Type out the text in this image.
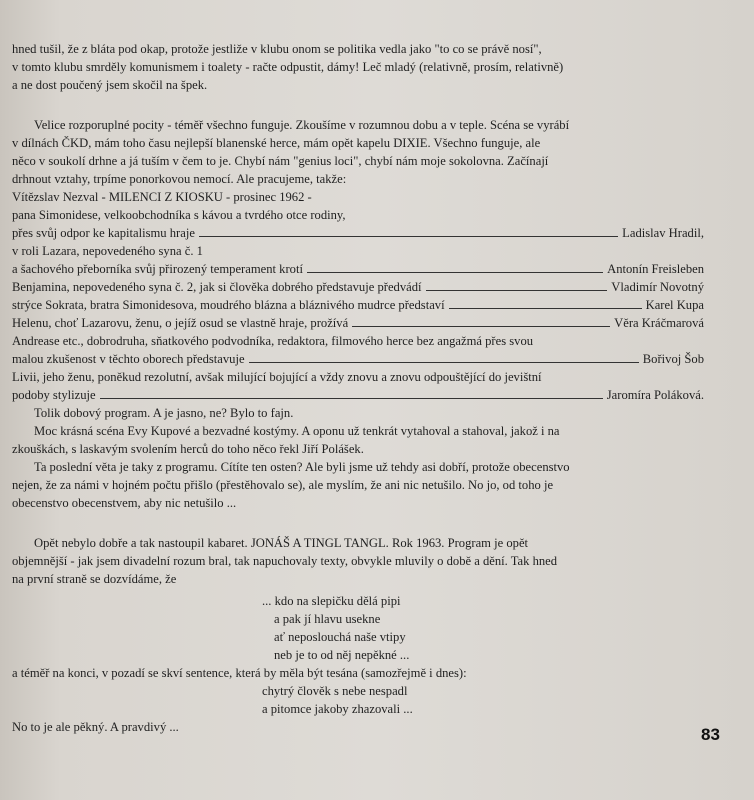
hned tušil, že z bláta pod okap, protože jestliže v klubu onom se politika vedla jako "to co se právě nosí",
v tomto klubu smrděly komunismem i toalety - račte odpustit, dámy! Leč mladý (relativně, prosím, relativně)
a ne dost poučený jsem skočil na špek.
Velice rozporuplné pocity - téměř všechno funguje. Zkoušíme v rozumnou dobu a v teple. Scéna se vyrábí
v dílnách ČKD, mám toho času nejlepší blanenské herce, mám opět kapelu DIXIE. Všechno funguje, ale
něco v soukolí drhne a já tuším v čem to je. Chybí nám "genius loci", chybí nám moje sokolovna. Začínají
drhnout vztahy, trpíme ponorkovou nemocí. Ale pracujeme, takže:
Vítězslav Nezval - MILENCI Z KIOSKU - prosinec 1962 -
pana Simonidese, velkoobchodníka s kávou a tvrdého otce rodiny,
přes svůj odpor ke kapitalismu hraje	Ladislav Hradil,
v roli Lazara, nepovedeného syna č. 1
a šachového přeborníka svůj přirozený temperament krotí	Antonín Freisleben
Benjamina, nepovedeného syna č. 2, jak si člověka dobrého představuje předvádí	Vladimír Novotný
strýce Sokrata, bratra Simonidesova, moudrého blázna a bláznivého mudrce představí	Karel Kupa
Helenu, choť Lazarovu, ženu, o jejíž osud se vlastně hraje, prožívá	Věra Kráčmarová
Andrease etc., dobrodruha, sňatkového podvodníka, redaktora, filmového herce bez angažmá přes svou
malou zkušenost v těchto oborech představuje	Bořivoj Šob
Livii, jeho ženu, poněkud rezolutní, avšak milující bojující a vždy znovu a znovu odpouštějící do jevištní
podoby stylizuje	Jaromíra Poláková.
Tolik dobový program. A je jasno, ne? Bylo to fajn.
Moc krásná scéna Evy Kupové a bezvadné kostýmy. A oponu už tenkrát vytahoval a stahoval, jakož i na
zkouškách, s laskavým svolením herců do toho něco řekl Jiří Polášek.
Ta poslední věta je taky z programu. Cítíte ten osten? Ale byli jsme už tehdy asi dobří, protože obecenstvo
nejen, že za námi v hojném počtu přišlo (přestěhovalo se), ale myslím, že ani nic netušilo. No jo, od toho je
obecenstvo obecenstvem, aby nic netušilo ...
Opět nebylo dobře a tak nastoupil kabaret. JONÁŠ A TINGL TANGL. Rok 1963. Program je opět
objemnější - jak jsem divadelní rozum bral, tak napuchovaly texty, obvykle mluvily o době a dění. Tak hned
na první straně se dozvídáme, že
... kdo na slepičku dělá pipi
a pak jí hlavu usekne
ať neposlouchá naše vtipy
neb je to od něj nepěkné ...
a téměř na konci, v pozadí se skví sentence, která by měla být tesána (samozřejmě i dnes):
chytrý člověk s nebe nespadl
a pitomce jakoby zhazovali ...
No to je ale pěkný. A pravdivý ...	83
